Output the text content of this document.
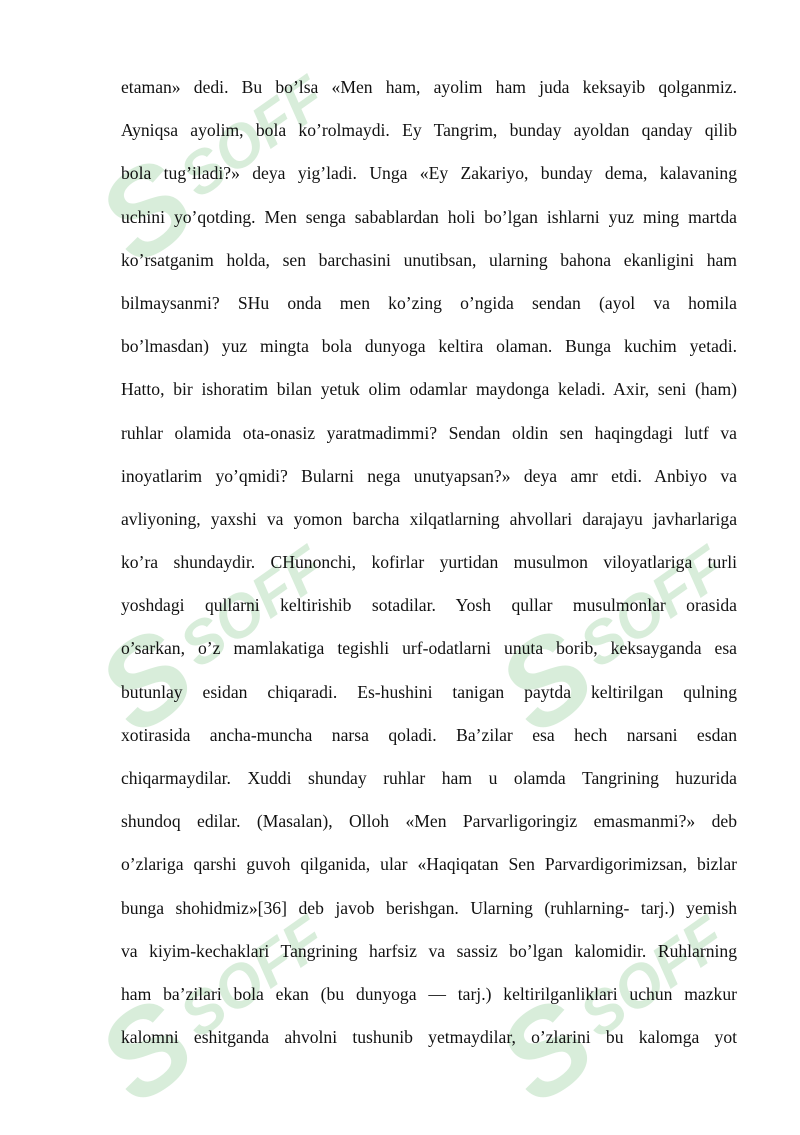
S
SOFF
S
SOFF S
SOFF
S
SOFF S
SOFF
etaman» dedi. Bu bo’lsa «Men ham, ayolim ham juda keksayib qolganmiz.
Ayniqsa ayolim, bola ko’rolmaydi. Ey Tangrim, bunday ayoldan qanday qilib
bola tug’iladi?» deya yig’ladi. Unga «Ey Zakariyo, bunday dema, kalavaning
uchini yo’qotding. Men senga sabablardan holi bo’lgan ishlarni yuz ming martda
ko’rsatganim holda, sen barchasini unutibsan, ularning bahona ekanligini ham
bilmaysanmi? SHu onda men ko’zing o’ngida sendan (ayol va homila
bo’lmasdan) yuz mingta bola dunyoga keltira olaman. Bunga kuchim yetadi.
Hatto, bir ishoratim bilan yetuk olim odamlar maydonga keladi. Axir, seni (ham)
ruhlar olamida ota-onasiz yaratmadimmi? Sendan oldin sen haqingdagi lutf va
inoyatlarim yo’qmidi? Bularni nega unutyapsan?» deya amr etdi. Anbiyo va
avliyoning, yaxshi va yomon barcha xilqatlarning ahvollari darajayu javharlariga
ko’ra shundaydir. CHunonchi, kofirlar yurtidan musulmon viloyatlariga turli
yoshdagi qullarni keltirishib sotadilar. Yosh qullar musulmonlar orasida
o’sarkan, o’z mamlakatiga tegishli urf-odatlarni unuta borib, keksayganda esa
butunlay esidan chiqaradi. Es-hushini tanigan paytda keltirilgan qulning
xotirasida ancha-muncha narsa qoladi. Ba’zilar esa hech narsani esdan
chiqarmaydilar. Xuddi shunday ruhlar ham u olamda Tangrining huzurida
shundoq edilar. (Masalan), Olloh «Men Parvarligoringiz emasmanmi?» deb
o’zlariga qarshi guvoh qilganida, ular «Haqiqatan Sen Parvardigorimizsan, bizlar
bunga shohidmiz»[36] deb javob berishgan. Ularning (ruhlarning- tarj.) yemish
va kiyim-kechaklari Tangrining harfsiz va sassiz bo’lgan kalomidir. Ruhlarning
ham ba’zilari bola ekan (bu dunyoga — tarj.) keltirilganliklari uchun mazkur
kalomni eshitganda ahvolni tushunib yetmaydilar, o’zlarini bu kalomga yot
